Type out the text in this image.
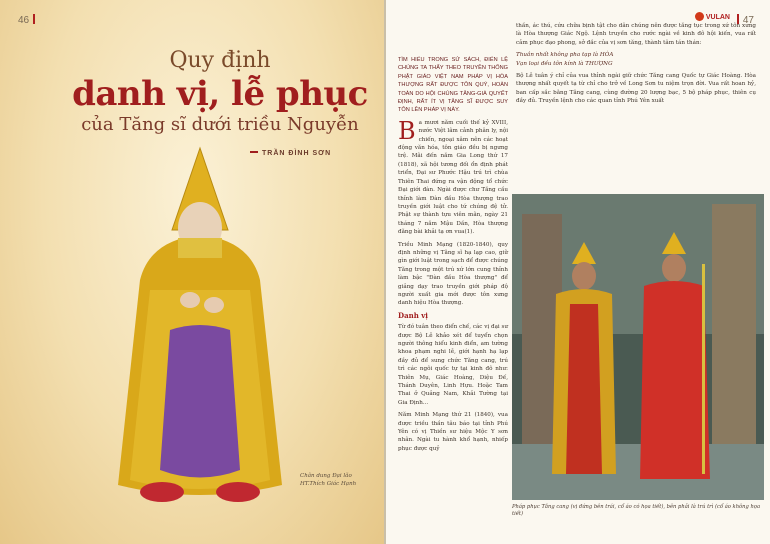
46
Quy định
danh vị, lễ phục
của Tăng sĩ dưới triều Nguyễn
TRẦN ĐÌNH SƠN
Chân dung Đại lão HT.Thích Giác Hạnh
VULAN	47

TÌM HIỂU TRONG SỬ SÁCH, ĐIỂN LỆ CHÚNG TA THẤY THEO TRUYỀN THỐNG PHẬT GIÁO VIỆT NAM PHÁP VỊ HÒA THƯỢNG RẤT ĐƯỢC TÔN QUÝ, HOÀN TOÀN DO HỘI CHÚNG TĂNG-GIÀ QUYẾT ĐỊNH, RẤT ÍT VỊ TĂNG SĨ ĐƯỢC SUY TÔN LÊN PHÁP VỊ NÀY.

Ba mươi năm cuối thế kỷ XVIII, nước Việt lâm cảnh phân ly, nội chiến, ngoại xâm nên các hoạt động văn hóa, tôn giáo đều bị ngưng trệ. Mãi đến năm Gia Long thứ 17 (1818), xã hội tương đối ổn định phát triển, Đại sư Phước Hậu trú trì chùa Thiên Thai đứng ra vận động tổ chức Đại giới đàn. Ngài được chư Tăng cầu thỉnh làm Đàn đầu Hòa thượng trao truyền giới luật cho tứ chúng đệ tử. Phật sự thành tựu viên mãn, ngày 21 tháng 7 năm Mậu Dần, Hòa thượng đăng bài khải tạ ơn vua(1).

Triều Minh Mạng (1820-1840), quy định những vị Tăng sĩ hạ lạp cao, giữ gìn giới luật trong sạch để được chúng Tăng trong một trú xứ lớn cung thỉnh làm bậc "Đàn đầu Hòa thượng" để giảng dạy trao truyền giới pháp độ người xuất gia mới được tôn xưng danh hiệu Hòa thượng.

Danh vị

Từ đó tuân theo điển chế, các vị đại sư được Bộ Lễ khảo xét để tuyển chọn người thông hiểu kinh điển, am tường khoa phạm nghi lễ, giới hạnh hạ lạp đầy đủ để sung chức Tăng cang, trú trì các ngôi quốc tự tại kinh đô như: Thiên Mụ, Giác Hoàng, Diệu Đế, Thánh Duyên, Linh Hựu. Hoặc Tam Thai ở Quảng Nam, Khải Tường tại Gia Định...

Năm Minh Mạng thứ 21 (1840), vua được triều thần tâu báo tại tỉnh Phú Yên có vị Thiền sư hiệu Mộc Y sơn nhân. Ngài tu hành khổ hạnh, nhiếp phục được quỷ

thần, ác thú, cứu chữa bịnh tật cho dân chúng nên được tăng tục trong xứ tôn xưng là Hòa thượng Giác Ngộ. Lệnh truyền cho rước ngài về kinh đô hội kiến, vua rất cảm phục đạo phong, sở đắc của vị sơn tăng, thành tâm tán thán:

Thuần nhất không pha tạp là HÒA

Vạn loại đều tôn kính là THƯỢNG

Bộ Lễ tuân ý chỉ của vua thỉnh ngài giữ chức Tăng cang Quốc tự Giác Hoàng. Hòa thượng nhất quyết tạ từ chỉ cho trở về Long Sơn tu niệm trọn đời. Vua rất hoan hỷ, ban cấp sắc bằng Tăng cang, cùng đường 20 lượng bạc, 5 bộ pháp phục, thiên cụ đầy đủ. Truyền lệnh cho các quan tỉnh Phú Yên xuất

Pháp phục Tăng cang (vị đứng bên trái, cổ áo có họa tiết), bên phải là trú trì (cổ áo không họa tiết)
